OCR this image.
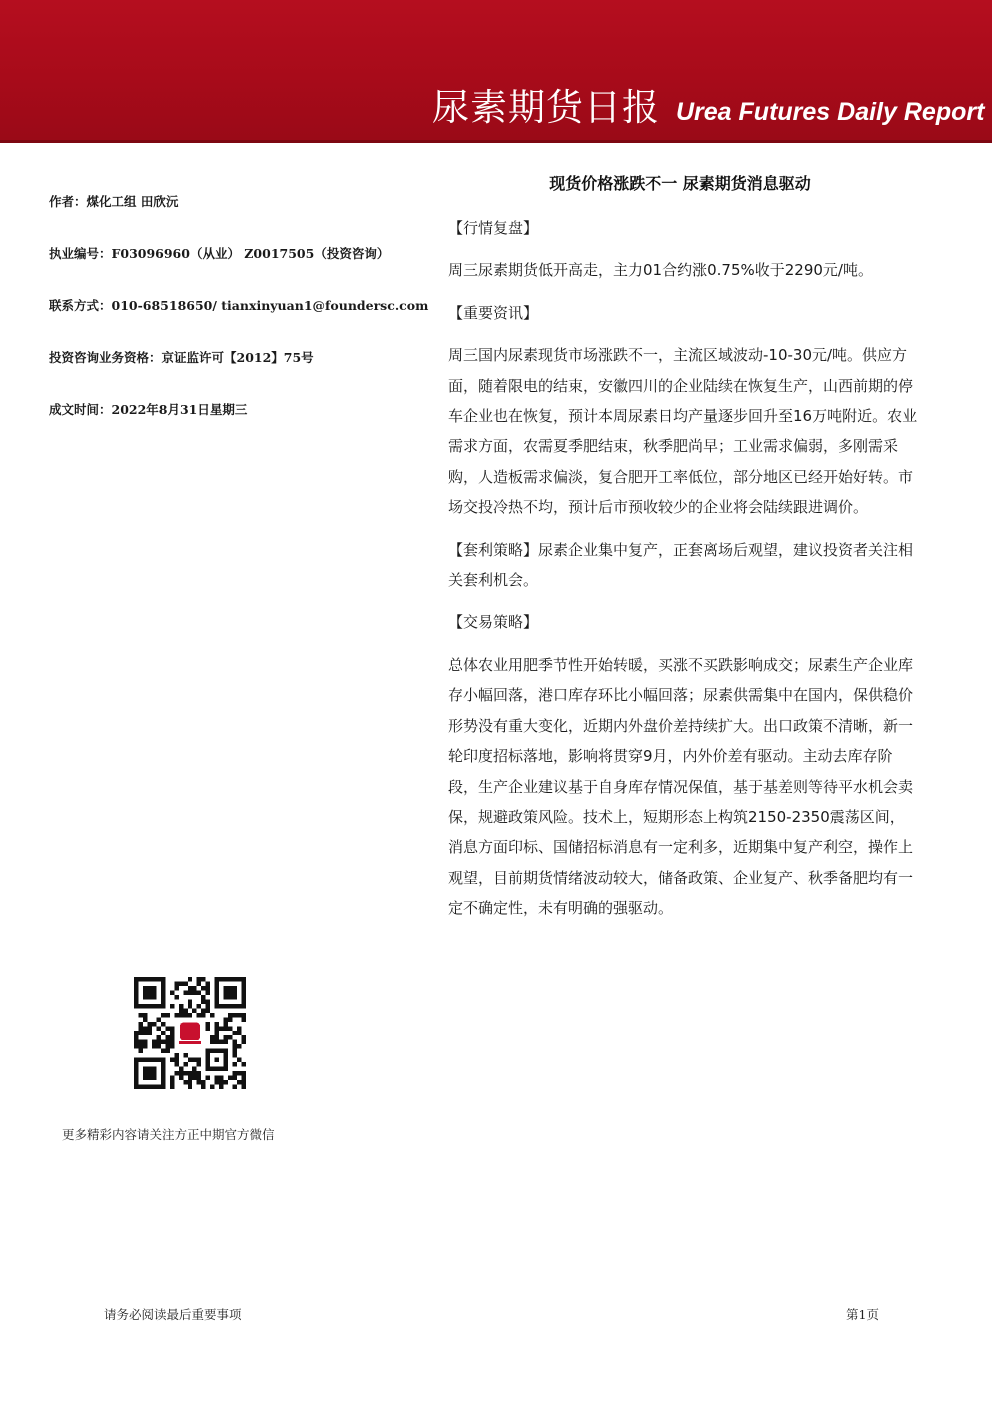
尿素期货日报 Urea Futures Daily Report
作者：煤化工组 田欣沅
执业编号：F03096960（从业） Z0017505（投资咨询）
联系方式：010-68518650/ tianxinyuan1@foundersc.com
投资咨询业务资格：京证监许可【2012】75号
成文时间：2022年8月31日星期三
现货价格涨跌不一 尿素期货消息驱动

【行情复盘】

周三尿素期货低开高走，主力01合约涨0.75%收于2290元/吨。

【重要资讯】

周三国内尿素现货市场涨跌不一，主流区域波动-10-30元/吨。供应方面，随着限电的结束，安徽四川的企业陆续在恢复生产，山西前期的停车企业也在恢复，预计本周尿素日均产量逐步回升至16万吨附近。农业需求方面，农需夏季肥结束，秋季肥尚早；工业需求偏弱，多刚需采购，人造板需求偏淡，复合肥开工率低位，部分地区已经开始好转。市场交投冷热不均，预计后市预收较少的企业将会陆续跟进调价。

【套利策略】尿素企业集中复产，正套离场后观望，建议投资者关注相关套利机会。

【交易策略】

总体农业用肥季节性开始转暖，买涨不买跌影响成交；尿素生产企业库存小幅回落，港口库存环比小幅回落；尿素供需集中在国内，保供稳价形势没有重大变化，近期内外盘价差持续扩大。出口政策不清晰，新一轮印度招标落地，影响将贯穿9月，内外价差有驱动。主动去库存阶段，生产企业建议基于自身库存情况保值，基于基差则等待平水机会卖保，规避政策风险。技术上，短期形态上构筑2150-2350震荡区间，消息方面印标、国储招标消息有一定利多，近期集中复产利空，操作上观望，目前期货情绪波动较大，储备政策、企业复产、秋季备肥均有一定不确定性，未有明确的强驱动。

更多精彩内容请关注方正中期官方微信
请务必阅读最后重要事项	第1页
